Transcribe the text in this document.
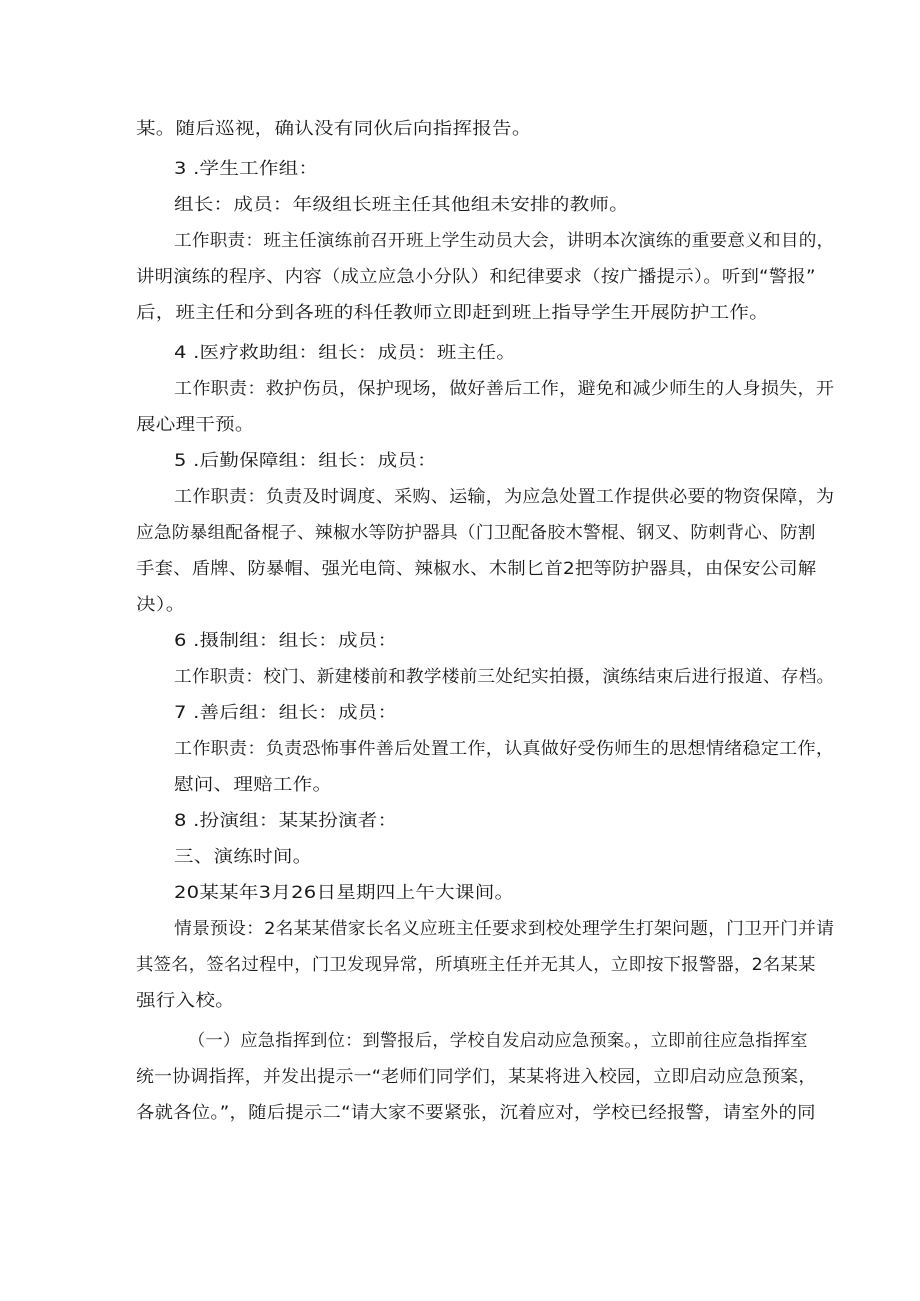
某。随后巡视，确认没有同伙后向指挥报告。
3 .学生工作组：
组长：成员：年级组长班主任其他组未安排的教师。
工作职责：班主任演练前召开班上学生动员大会，讲明本次演练的重要意义和目的，
讲明演练的程序、内容（成立应急小分队）和纪律要求（按广播提示）。听到“警报”
后，班主任和分到各班的科任教师立即赶到班上指导学生开展防护工作。
4 .医疗救助组：组长：成员：班主任。
工作职责：救护伤员，保护现场，做好善后工作，避免和减少师生的人身损失，开
展心理干预。
5 .后勤保障组：组长：成员：
工作职责：负责及时调度、采购、运输，为应急处置工作提供必要的物资保障，为
应急防暴组配备棍子、辣椒水等防护器具（门卫配备胶木警棍、钢叉、防刺背心、防割
手套、盾牌、防暴帽、强光电筒、辣椒水、木制匕首2把等防护器具，由保安公司解
决）。
6 .摄制组：组长：成员：
工作职责：校门、新建楼前和教学楼前三处纪实拍摄，演练结束后进行报道、存档。
7 .善后组：组长：成员：
工作职责：负责恐怖事件善后处置工作，认真做好受伤师生的思想情绪稳定工作，
慰问、理赔工作。
8 .扮演组：某某扮演者：
三、演练时间。
20某某年3月26日星期四上午大课间。
情景预设：2名某某借家长名义应班主任要求到校处理学生打架问题，门卫开门并请
其签名，签名过程中，门卫发现异常，所填班主任并无其人，立即按下报警器，2名某某
强行入校。
（一）应急指挥到位：到警报后，学校自发启动应急预案。，立即前往应急指挥室
统一协调指挥，并发出提示一“老师们同学们，某某将进入校园，立即启动应急预案，
各就各位。”，随后提示二“请大家不要紧张，沉着应对，学校已经报警，请室外的同
